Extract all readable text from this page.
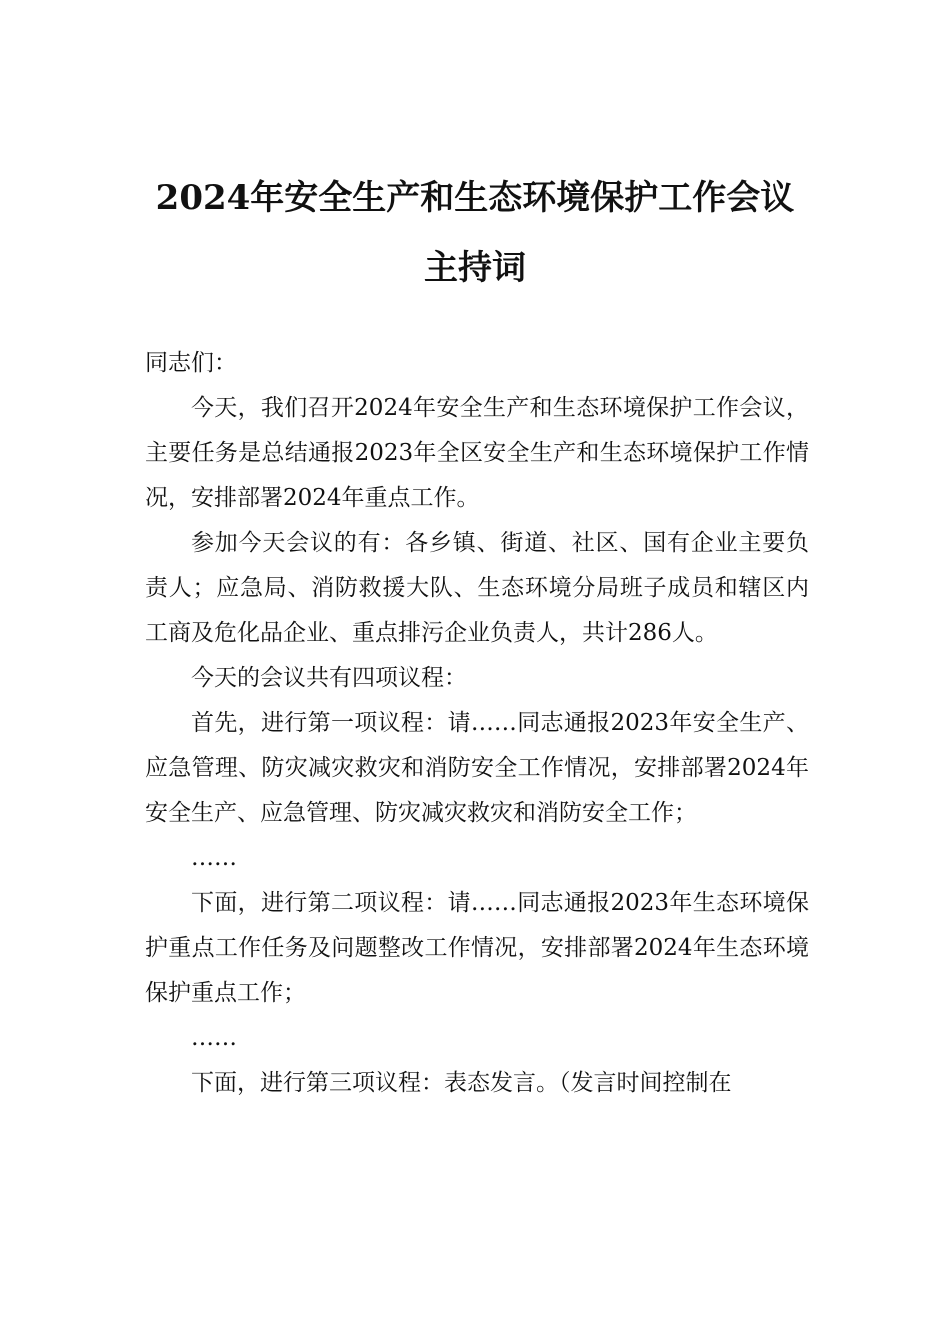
2024年安全生产和生态环境保护工作会议
主持词

同志们：

今天，我们召开2024年安全生产和生态环境保护工作会议，主要任务是总结通报2023年全区安全生产和生态环境保护工作情况，安排部署2024年重点工作。

参加今天会议的有：各乡镇、街道、社区、国有企业主要负责人；应急局、消防救援大队、生态环境分局班子成员和辖区内工商及危化品企业、重点排污企业负责人，共计286人。

今天的会议共有四项议程：

首先，进行第一项议程：请……同志通报2023年安全生产、应急管理、防灾减灾救灾和消防安全工作情况，安排部署2024年安全生产、应急管理、防灾减灾救灾和消防安全工作；

……

下面，进行第二项议程：请……同志通报2023年生态环境保护重点工作任务及问题整改工作情况，安排部署2024年生态环境保护重点工作；

……

下面，进行第三项议程：表态发言。（发言时间控制在
